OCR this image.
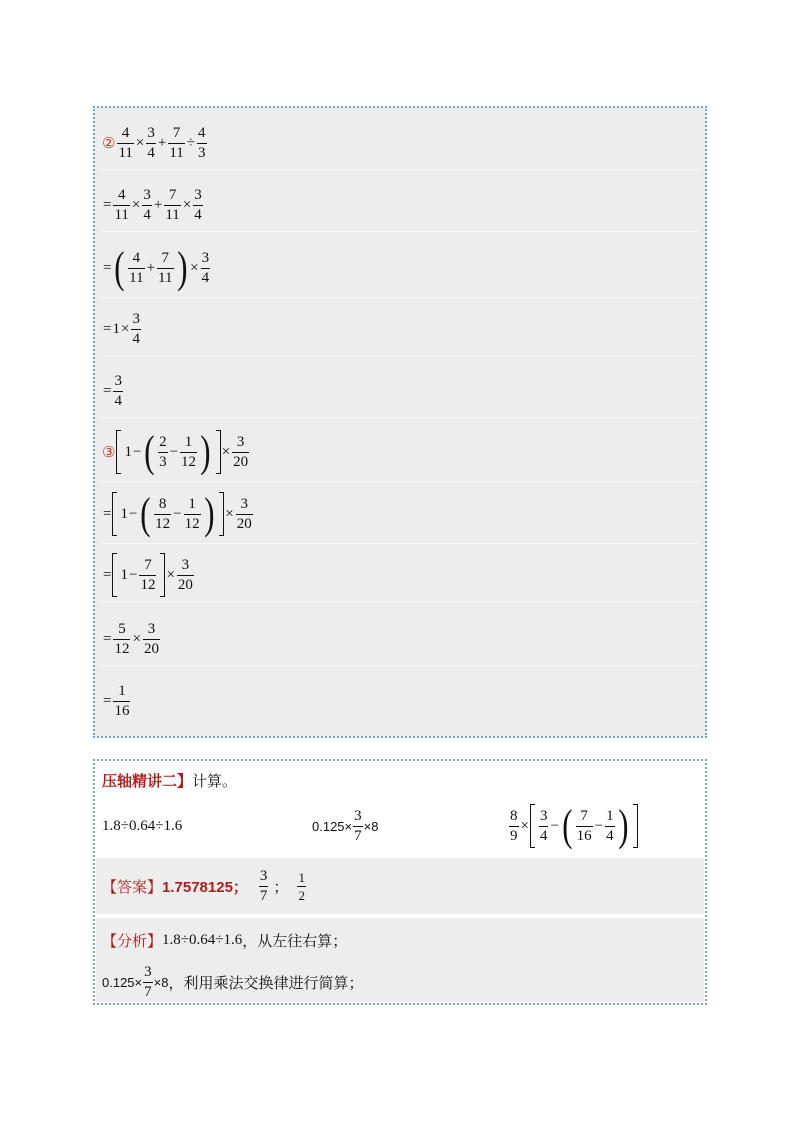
② $\frac{4}{11} \times \frac{3}{4} + \frac{7}{11} \div \frac{4}{3}$
= $\frac{4}{11} \times \frac{3}{4} + \frac{7}{11} \times \frac{3}{4}$
= ( $\frac{4}{11} + \frac{7}{11}$ ) × $\frac{3}{4}$
= $1 \times \frac{3}{4}$
= $\frac{3}{4}$
③ 1 − ( $\frac{2}{3} - \frac{1}{12}$ ) × $\frac{3}{20}$
= 1 − ( $\frac{8}{12} - \frac{1}{12}$ ) × $\frac{3}{20}$
= $1 - \frac{7}{12} \times \frac{3}{20}$
= $\frac{5}{12} \times \frac{3}{20}$
= $\frac{1}{16}$
压轴精讲二】 计算。
1.8÷0.64÷1.6	$0.125\times \frac{3}{7} \times 8$	$\frac{8}{9} \times \frac{3}{4}$ − ( $\frac{7}{16} - \frac{1}{4}$ )
【答案】 1.7578125； $\frac{3}{7}$ ； $\frac{1}{2}$
【分析】 1.8÷0.64÷1.6 ，从左往右算；
$0.125\times \frac{3}{7} \times 8$ ，利用乘法交换律进行简算；
